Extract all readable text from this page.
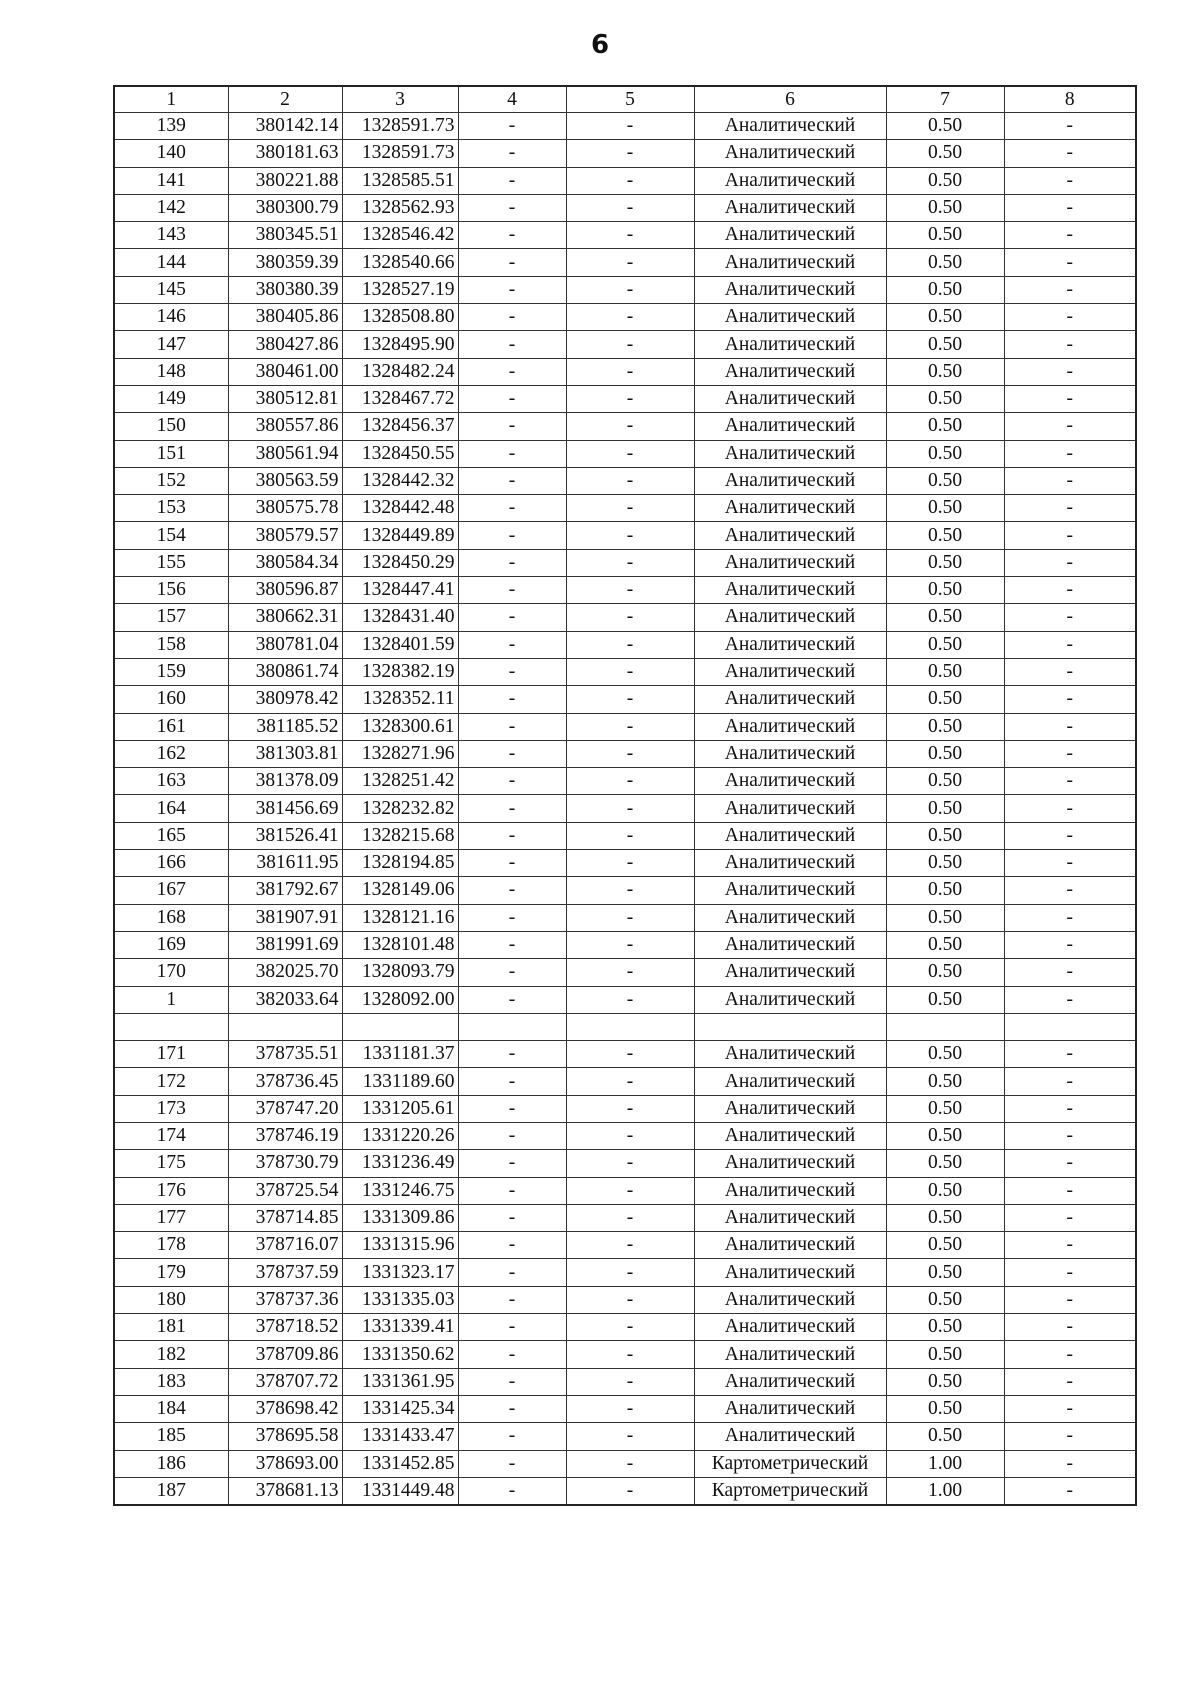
6
1	2	3	4	5	6	7	8
139	380142.14	1328591.73	-	-	Аналитический	0.50	-
140	380181.63	1328591.73	-	-	Аналитический	0.50	-
141	380221.88	1328585.51	-	-	Аналитический	0.50	-
142	380300.79	1328562.93	-	-	Аналитический	0.50	-
143	380345.51	1328546.42	-	-	Аналитический	0.50	-
144	380359.39	1328540.66	-	-	Аналитический	0.50	-
145	380380.39	1328527.19	-	-	Аналитический	0.50	-
146	380405.86	1328508.80	-	-	Аналитический	0.50	-
147	380427.86	1328495.90	-	-	Аналитический	0.50	-
148	380461.00	1328482.24	-	-	Аналитический	0.50	-
149	380512.81	1328467.72	-	-	Аналитический	0.50	-
150	380557.86	1328456.37	-	-	Аналитический	0.50	-
151	380561.94	1328450.55	-	-	Аналитический	0.50	-
152	380563.59	1328442.32	-	-	Аналитический	0.50	-
153	380575.78	1328442.48	-	-	Аналитический	0.50	-
154	380579.57	1328449.89	-	-	Аналитический	0.50	-
155	380584.34	1328450.29	-	-	Аналитический	0.50	-
156	380596.87	1328447.41	-	-	Аналитический	0.50	-
157	380662.31	1328431.40	-	-	Аналитический	0.50	-
158	380781.04	1328401.59	-	-	Аналитический	0.50	-
159	380861.74	1328382.19	-	-	Аналитический	0.50	-
160	380978.42	1328352.11	-	-	Аналитический	0.50	-
161	381185.52	1328300.61	-	-	Аналитический	0.50	-
162	381303.81	1328271.96	-	-	Аналитический	0.50	-
163	381378.09	1328251.42	-	-	Аналитический	0.50	-
164	381456.69	1328232.82	-	-	Аналитический	0.50	-
165	381526.41	1328215.68	-	-	Аналитический	0.50	-
166	381611.95	1328194.85	-	-	Аналитический	0.50	-
167	381792.67	1328149.06	-	-	Аналитический	0.50	-
168	381907.91	1328121.16	-	-	Аналитический	0.50	-
169	381991.69	1328101.48	-	-	Аналитический	0.50	-
170	382025.70	1328093.79	-	-	Аналитический	0.50	-
1	382033.64	1328092.00	-	-	Аналитический	0.50	-

171	378735.51	1331181.37	-	-	Аналитический	0.50	-
172	378736.45	1331189.60	-	-	Аналитический	0.50	-
173	378747.20	1331205.61	-	-	Аналитический	0.50	-
174	378746.19	1331220.26	-	-	Аналитический	0.50	-
175	378730.79	1331236.49	-	-	Аналитический	0.50	-
176	378725.54	1331246.75	-	-	Аналитический	0.50	-
177	378714.85	1331309.86	-	-	Аналитический	0.50	-
178	378716.07	1331315.96	-	-	Аналитический	0.50	-
179	378737.59	1331323.17	-	-	Аналитический	0.50	-
180	378737.36	1331335.03	-	-	Аналитический	0.50	-
181	378718.52	1331339.41	-	-	Аналитический	0.50	-
182	378709.86	1331350.62	-	-	Аналитический	0.50	-
183	378707.72	1331361.95	-	-	Аналитический	0.50	-
184	378698.42	1331425.34	-	-	Аналитический	0.50	-
185	378695.58	1331433.47	-	-	Аналитический	0.50	-
186	378693.00	1331452.85	-	-	Картометрический	1.00	-
187	378681.13	1331449.48	-	-	Картометрический	1.00	-
